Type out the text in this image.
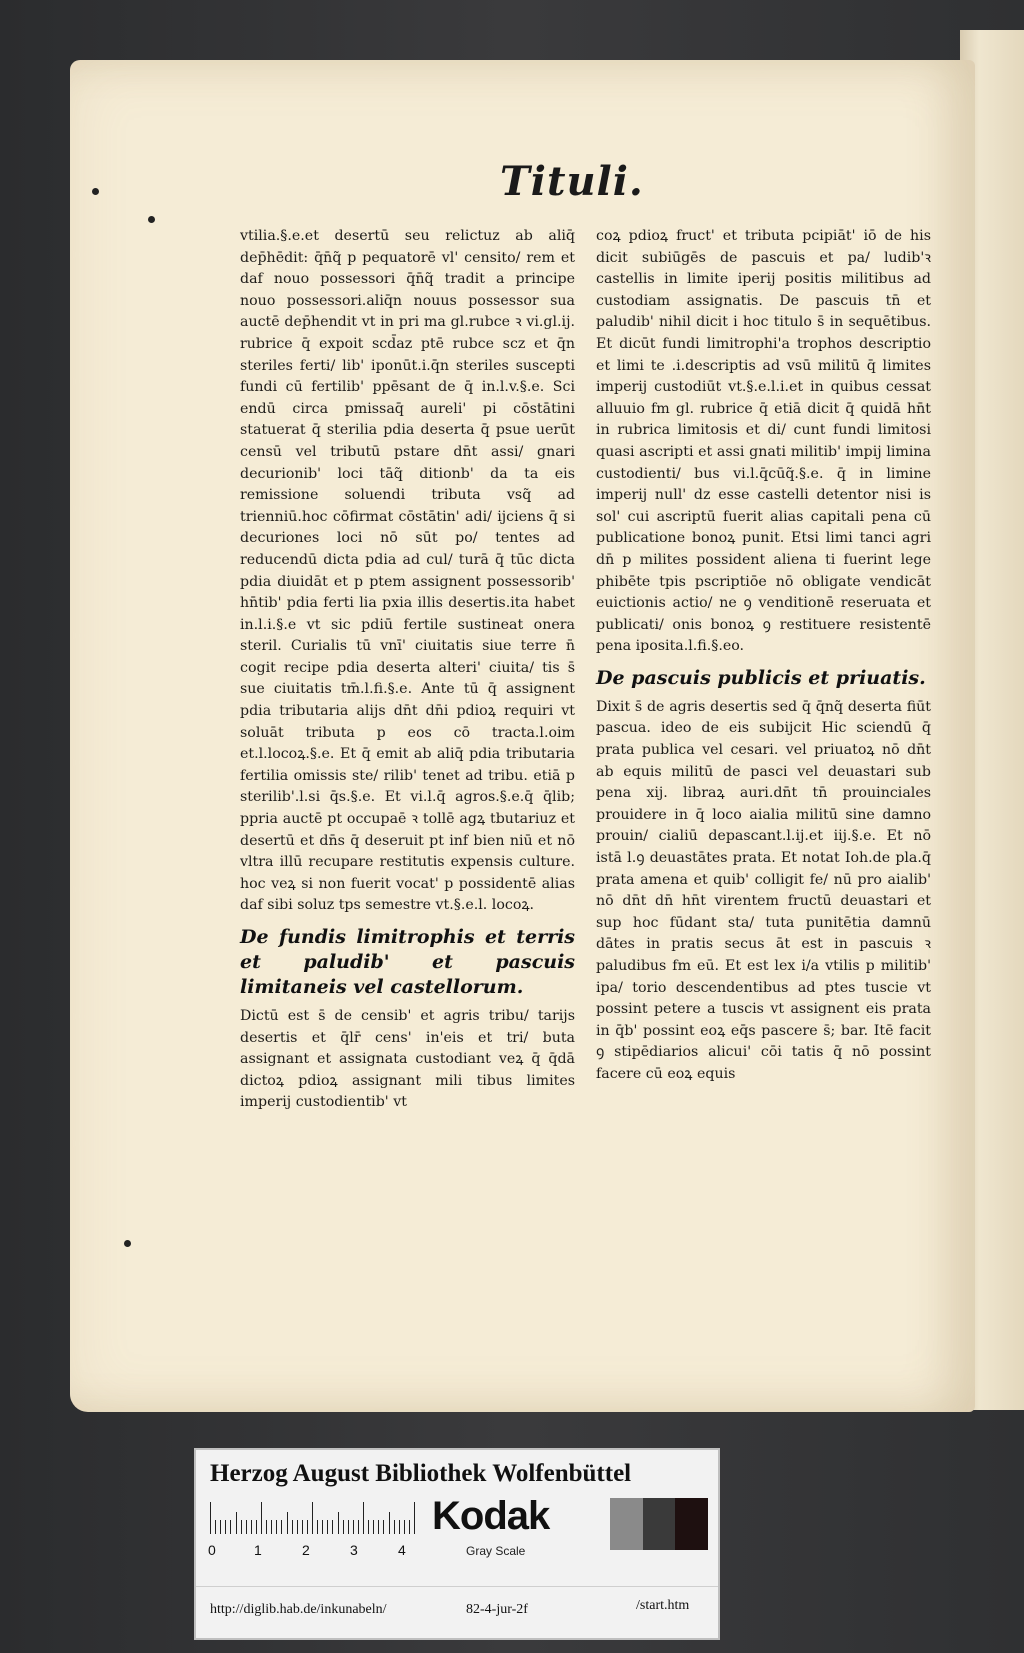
Tituli.

vtilia.§.e.et desertū seu relictuz ab aliq̄ dep̄hēdit: q̄n̄q̃ p pequatorē vl' censito/ rem et daf nouo possessori q̄n̄q̃ tradit a principe nouo possessori.aliq̄n nouus possessor sua auctē dep̄hendit vt in pri ma gl.rubce ꝛ vi.gl.ij. rubrice q̄ expoit scd̄az ptē rubce scz et q̄n steriles ferti/ lib' iponūt.i.q̄n steriles suscepti fundi cū fertilib' ppēsant de q̄ in.l.v.§.e. Sci endū circa pmissaq̄ aureli' pi cōstātini statuerat q̄ sterilia pdia deserta q̄ psue uerūt censū vel tributū pstare dn̄t assi/ gnari decurionib' loci tāq̃ ditionb' da ta eis remissione soluendi tributa vsq̃ ad trienniū.hoc cōfirmat cōstātin' adi/ ijciens q̄ si decuriones loci nō sūt po/ tentes ad reducendū dicta pdia ad cul/ turā q̄ tūc dicta pdia diuidāt et p ptem assignent possessorib' hn̄tib' pdia ferti lia pxia illis desertis.ita habet in.l.i.§.e vt sic pdiū fertile sustineat onera steril. Curialis tū vnī' ciuitatis siue terre n̄ cogit recipe pdia deserta alteri' ciuita/ tis s̄ sue ciuitatis tm̄.l.fi.§.e. Ante tū q̄ assignent pdia tributaria alijs dn̄t dn̄i pdioꝝ requiri vt soluāt tributa p eos cō tracta.l.oim et.l.locoꝝ.§.e. Et q̄ emit ab aliq̄ pdia tributaria fertilia omissis ste/ rilib' tenet ad tribu. etiā p sterilib'.l.si q̄s.§.e. Et vi.l.q̄ agros.§.e.q̄ q̄lib; ppria auctē pt occupaē ꝛ tollē agꝝ tbutariuz et desertū et dn̄s q̄ deseruit pt inf bien niū et nō vltra illū recupare restitutis expensis culture. hoc veꝝ si non fuerit vocat' p possidentē alias daf sibi soluz tps semestre vt.§.e.l. locoꝝ.

De fundis limitrophis et terris et paludib' et pascuis limitaneis vel castellorum.

Dictū est s̄ de censib' et agris tribu/ tarijs desertis et q̄lr̄ cens' in'eis et tri/ buta assignant et assignata custodiant veꝝ q̄ q̄dā dictoꝝ pdioꝝ assignant mili tibus limites imperij custodientib' vt

coꝝ pdioꝝ fruct' et tributa pcipiāt' iō de his dicit subiūgēs de pascuis et pa/ ludib'ꝛ castellis in limite iperij positis militibus ad custodiam assignatis. De pascuis tn̄ et paludib' nihil dicit i hoc titulo s̄ in sequētibus. Et dicūt fundi limitrophi'a trophos descriptio et limi te .i.descriptis ad vsū militū q̄ limites imperij custodiūt vt.§.e.l.i.et in quibus cessat alluuio fm gl. rubrice q̄ etiā dicit q̄ quidā hn̄t in rubrica limitosis et di/ cunt fundi limitosi quasi ascripti et assi gnati militib' impij limina custodienti/ bus vi.l.q̄cūq̃.§.e. q̄ in limine imperij null' dz esse castelli detentor nisi is sol' cui ascriptū fuerit alias capitali pena cū publicatione bonoꝝ punit. Etsi limi tanci agri dn̄ p milites possident aliena ti fuerint lege phibēte tpis pscriptiōe nō obligate vendicāt euictionis actio/ ne ꝯ venditionē reseruata et publicati/ onis bonoꝝ ꝯ restituere resistentē pena iposita.l.fi.§.eo.

De pascuis publicis et priuatis.

Dixit s̄ de agris desertis sed q̄ q̄nq̃ deserta fiūt pascua. ideo de eis subijcit Hic sciendū q̄ prata publica vel cesari. vel priuatoꝝ nō dn̄t ab equis militū de pasci vel deuastari sub pena xij. libraꝝ auri.dn̄t tn̄ prouinciales prouidere in q̄ loco aialia militū sine damno prouin/ cialiū depascant.l.ij.et iij.§.e. Et nō istā l.ꝯ deuastātes prata. Et notat Ioh.de pla.q̄ prata amena et quib' colligit fe/ nū pro aialib' nō dn̄t dn̄ hn̄t virentem fructū deuastari et sup hoc fūdant sta/ tuta punitētia damnū dātes in pratis secus āt est in pascuis ꝛ paludibus fm eū. Et est lex i/a vtilis p militib' ipa/ torio descendentibus ad ptes tuscie vt possint petere a tuscis vt assignent eis prata in q̄b' possint eoꝝ eq̄s pascere s̄; bar. Itē facit ꝯ stipēdiarios alicui' cōi tatis q̄ nō possint facere cū eoꝝ equis

Herzog August Bibliothek Wolfenbüttel
0	1	2	3	4
Kodak
Gray Scale
http://diglib.hab.de/inkunabeln/	82-4-jur-2f	/start.htm
